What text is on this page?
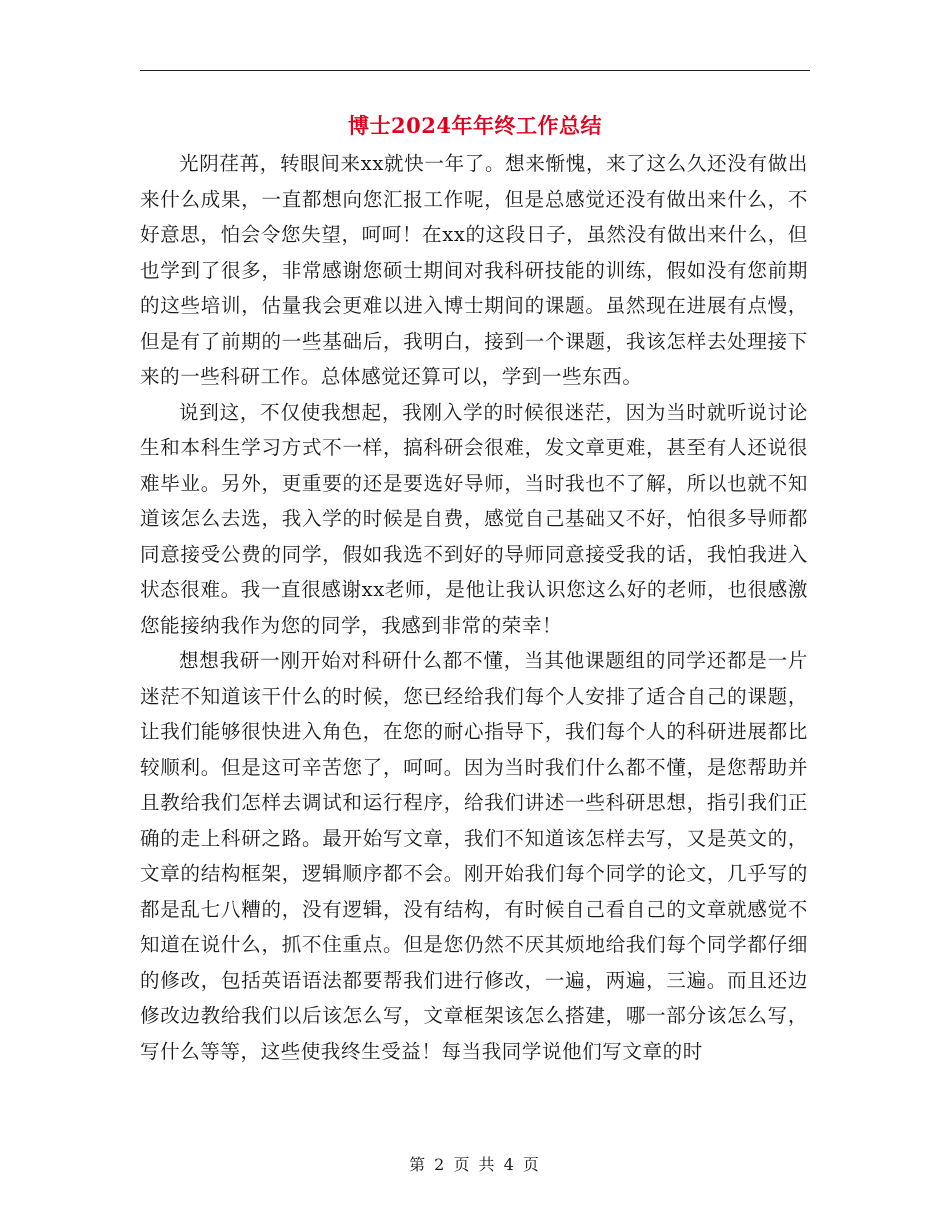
博士2024年年终工作总结

光阴荏苒，转眼间来xx就快一年了。想来惭愧，来了这么久还没有做出来什么成果，一直都想向您汇报工作呢，但是总感觉还没有做出来什么，不好意思，怕会令您失望，呵呵！在xx的这段日子，虽然没有做出来什么，但也学到了很多，非常感谢您硕士期间对我科研技能的训练，假如没有您前期的这些培训，估量我会更难以进入博士期间的课题。虽然现在进展有点慢，但是有了前期的一些基础后，我明白，接到一个课题，我该怎样去处理接下来的一些科研工作。总体感觉还算可以，学到一些东西。

说到这，不仅使我想起，我刚入学的时候很迷茫，因为当时就听说讨论生和本科生学习方式不一样，搞科研会很难，发文章更难，甚至有人还说很难毕业。另外，更重要的还是要选好导师，当时我也不了解，所以也就不知道该怎么去选，我入学的时候是自费，感觉自己基础又不好，怕很多导师都同意接受公费的同学，假如我选不到好的导师同意接受我的话，我怕我进入状态很难。我一直很感谢xx老师，是他让我认识您这么好的老师，也很感激您能接纳我作为您的同学，我感到非常的荣幸！

想想我研一刚开始对科研什么都不懂，当其他课题组的同学还都是一片迷茫不知道该干什么的时候，您已经给我们每个人安排了适合自己的课题，让我们能够很快进入角色，在您的耐心指导下，我们每个人的科研进展都比较顺利。但是这可辛苦您了，呵呵。因为当时我们什么都不懂，是您帮助并且教给我们怎样去调试和运行程序，给我们讲述一些科研思想，指引我们正确的走上科研之路。最开始写文章，我们不知道该怎样去写，又是英文的，文章的结构框架，逻辑顺序都不会。刚开始我们每个同学的论文，几乎写的都是乱七八糟的，没有逻辑，没有结构，有时候自己看自己的文章就感觉不知道在说什么，抓不住重点。但是您仍然不厌其烦地给我们每个同学都仔细的修改，包括英语语法都要帮我们进行修改，一遍，两遍，三遍。而且还边修改边教给我们以后该怎么写，文章框架该怎么搭建，哪一部分该怎么写，写什么等等，这些使我终生受益！每当我同学说他们写文章的时

第 2 页 共 4 页
